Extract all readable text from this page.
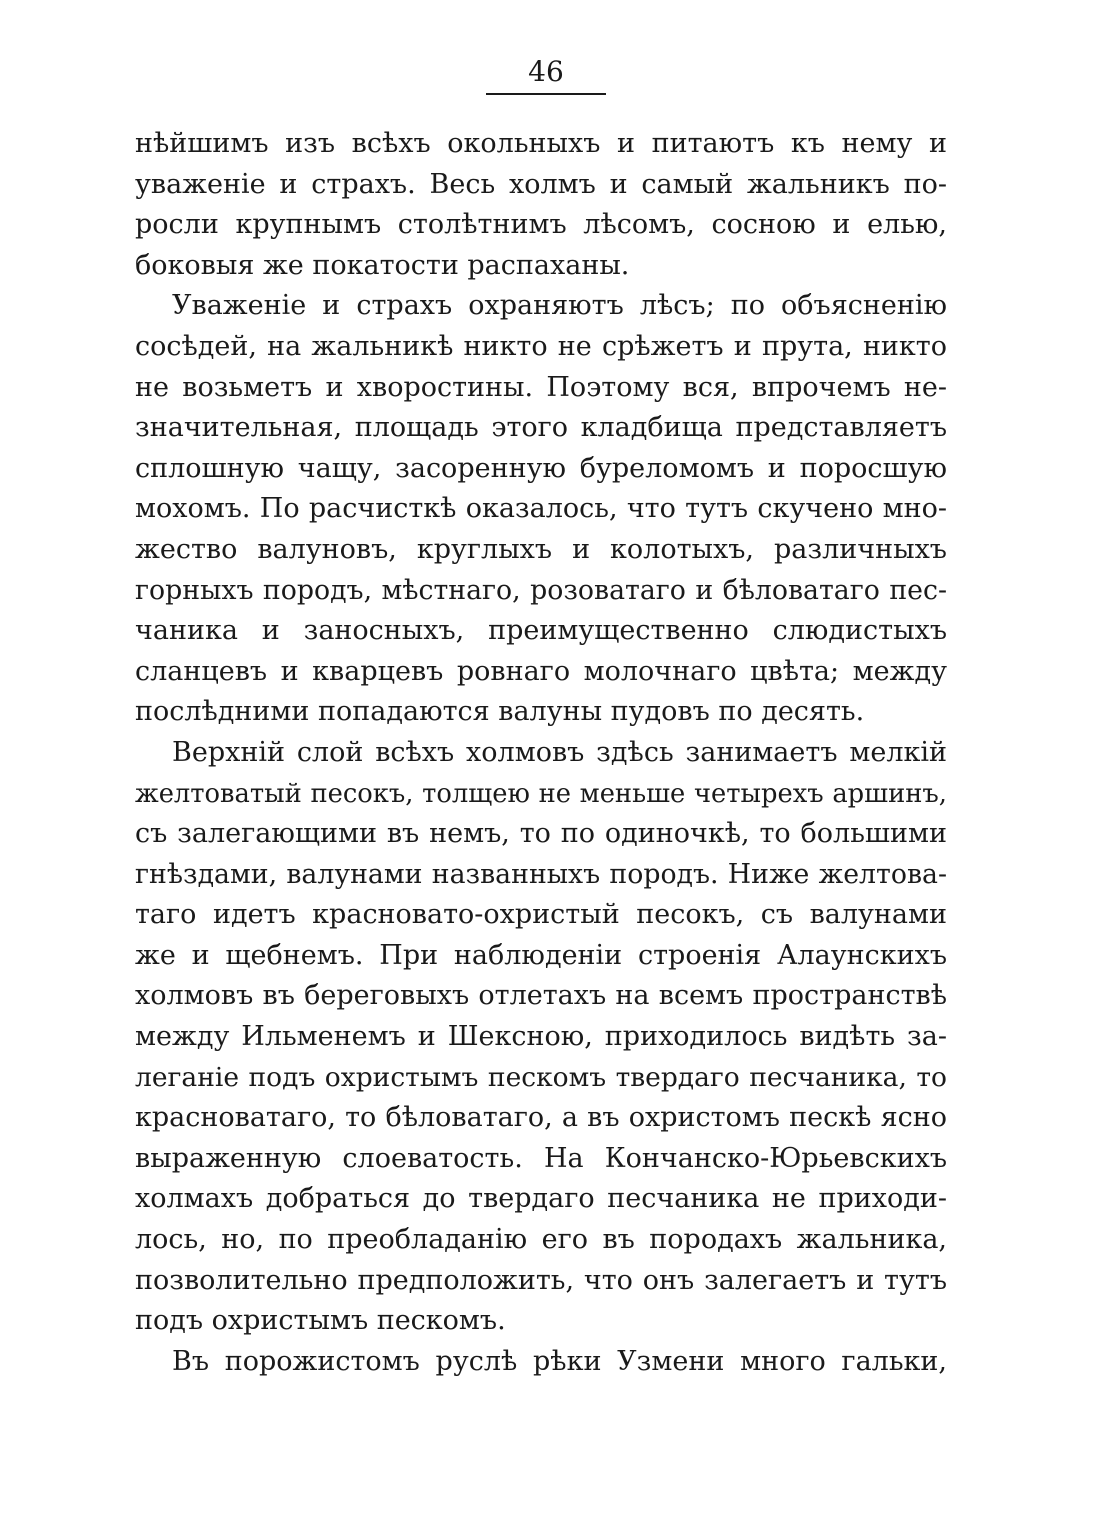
46
нѣйшимъ изъ всѣхъ окольныхъ и питаютъ къ нему и
уваженіе и страхъ. Весь холмъ и самый жальникъ по-
росли крупнымъ столѣтнимъ лѣсомъ, сосною и елью,
боковыя же покатости распаханы.
Уваженіе и страхъ охраняютъ лѣсъ; по объясненію
сосѣдей, на жальникѣ никто не срѣжетъ и прута, никто
не возьметъ и хворостины. Поэтому вся, впрочемъ не-
значительная, площадь этого кладбища представляетъ
сплошную чащу, засоренную буреломомъ и поросшую
мохомъ. По расчисткѣ оказалось, что тутъ скучено мно-
жество валуновъ, круглыхъ и колотыхъ, различныхъ
горныхъ породъ, мѣстнаго, розоватаго и бѣловатаго пес-
чаника и заносныхъ, преимущественно слюдистыхъ
сланцевъ и кварцевъ ровнаго молочнаго цвѣта; между
послѣдними попадаются валуны пудовъ по десять.
Верхній слой всѣхъ холмовъ здѣсь занимаетъ мелкій
желтоватый песокъ, толщею не меньше четырехъ аршинъ,
съ залегающими въ немъ, то по одиночкѣ, то большими
гнѣздами, валунами названныхъ породъ. Ниже желтова-
таго идетъ красновато-охристый песокъ, съ валунами
же и щебнемъ. При наблюденіи строенія Алаунскихъ
холмовъ въ береговыхъ отлетахъ на всемъ пространствѣ
между Ильменемъ и Шексною, приходилось видѣть за-
леганіе подъ охристымъ пескомъ твердаго песчаника, то
красноватаго, то бѣловатаго, а въ охристомъ пескѣ ясно
выраженную слоеватость. На Кончанско-Юрьевскихъ
холмахъ добраться до твердаго песчаника не приходи-
лось, но, по преобладанію его въ породахъ жальника,
позволительно предположить, что онъ залегаетъ и тутъ
подъ охристымъ пескомъ.
Въ порожистомъ руслѣ рѣки Узмени много гальки,
